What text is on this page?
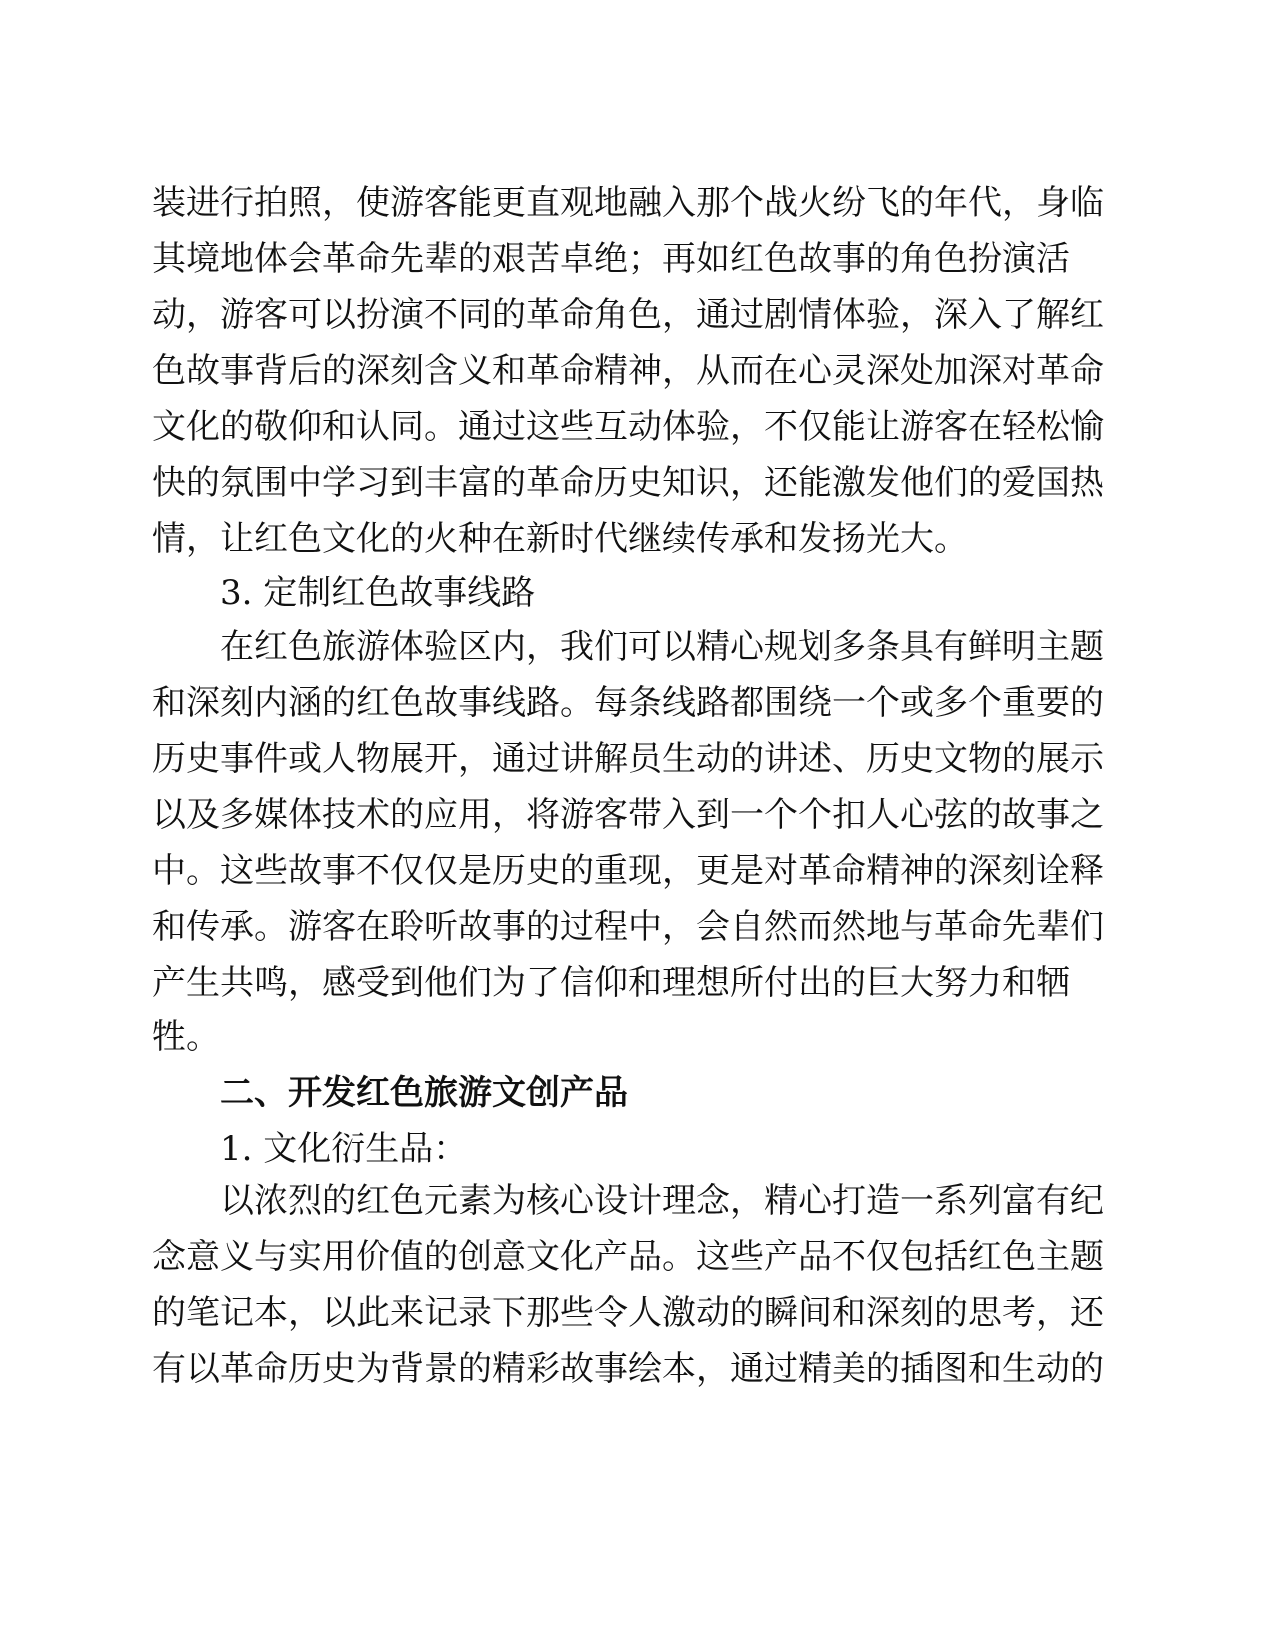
装进行拍照，使游客能更直观地融入那个战火纷飞的年代，身临
其境地体会革命先辈的艰苦卓绝；再如红色故事的角色扮演活
动，游客可以扮演不同的革命角色，通过剧情体验，深入了解红
色故事背后的深刻含义和革命精神，从而在心灵深处加深对革命
文化的敬仰和认同。通过这些互动体验，不仅能让游客在轻松愉
快的氛围中学习到丰富的革命历史知识，还能激发他们的爱国热
情，让红色文化的火种在新时代继续传承和发扬光大。
3. 定制红色故事线路
在红色旅游体验区内，我们可以精心规划多条具有鲜明主题
和深刻内涵的红色故事线路。每条线路都围绕一个或多个重要的
历史事件或人物展开，通过讲解员生动的讲述、历史文物的展示
以及多媒体技术的应用，将游客带入到一个个扣人心弦的故事之
中。这些故事不仅仅是历史的重现，更是对革命精神的深刻诠释
和传承。游客在聆听故事的过程中，会自然而然地与革命先辈们
产生共鸣，感受到他们为了信仰和理想所付出的巨大努力和牺
牲。
二、开发红色旅游文创产品
1. 文化衍生品：
以浓烈的红色元素为核心设计理念，精心打造一系列富有纪
念意义与实用价值的创意文化产品。这些产品不仅包括红色主题
的笔记本，以此来记录下那些令人激动的瞬间和深刻的思考，还
有以革命历史为背景的精彩故事绘本，通过精美的插图和生动的
